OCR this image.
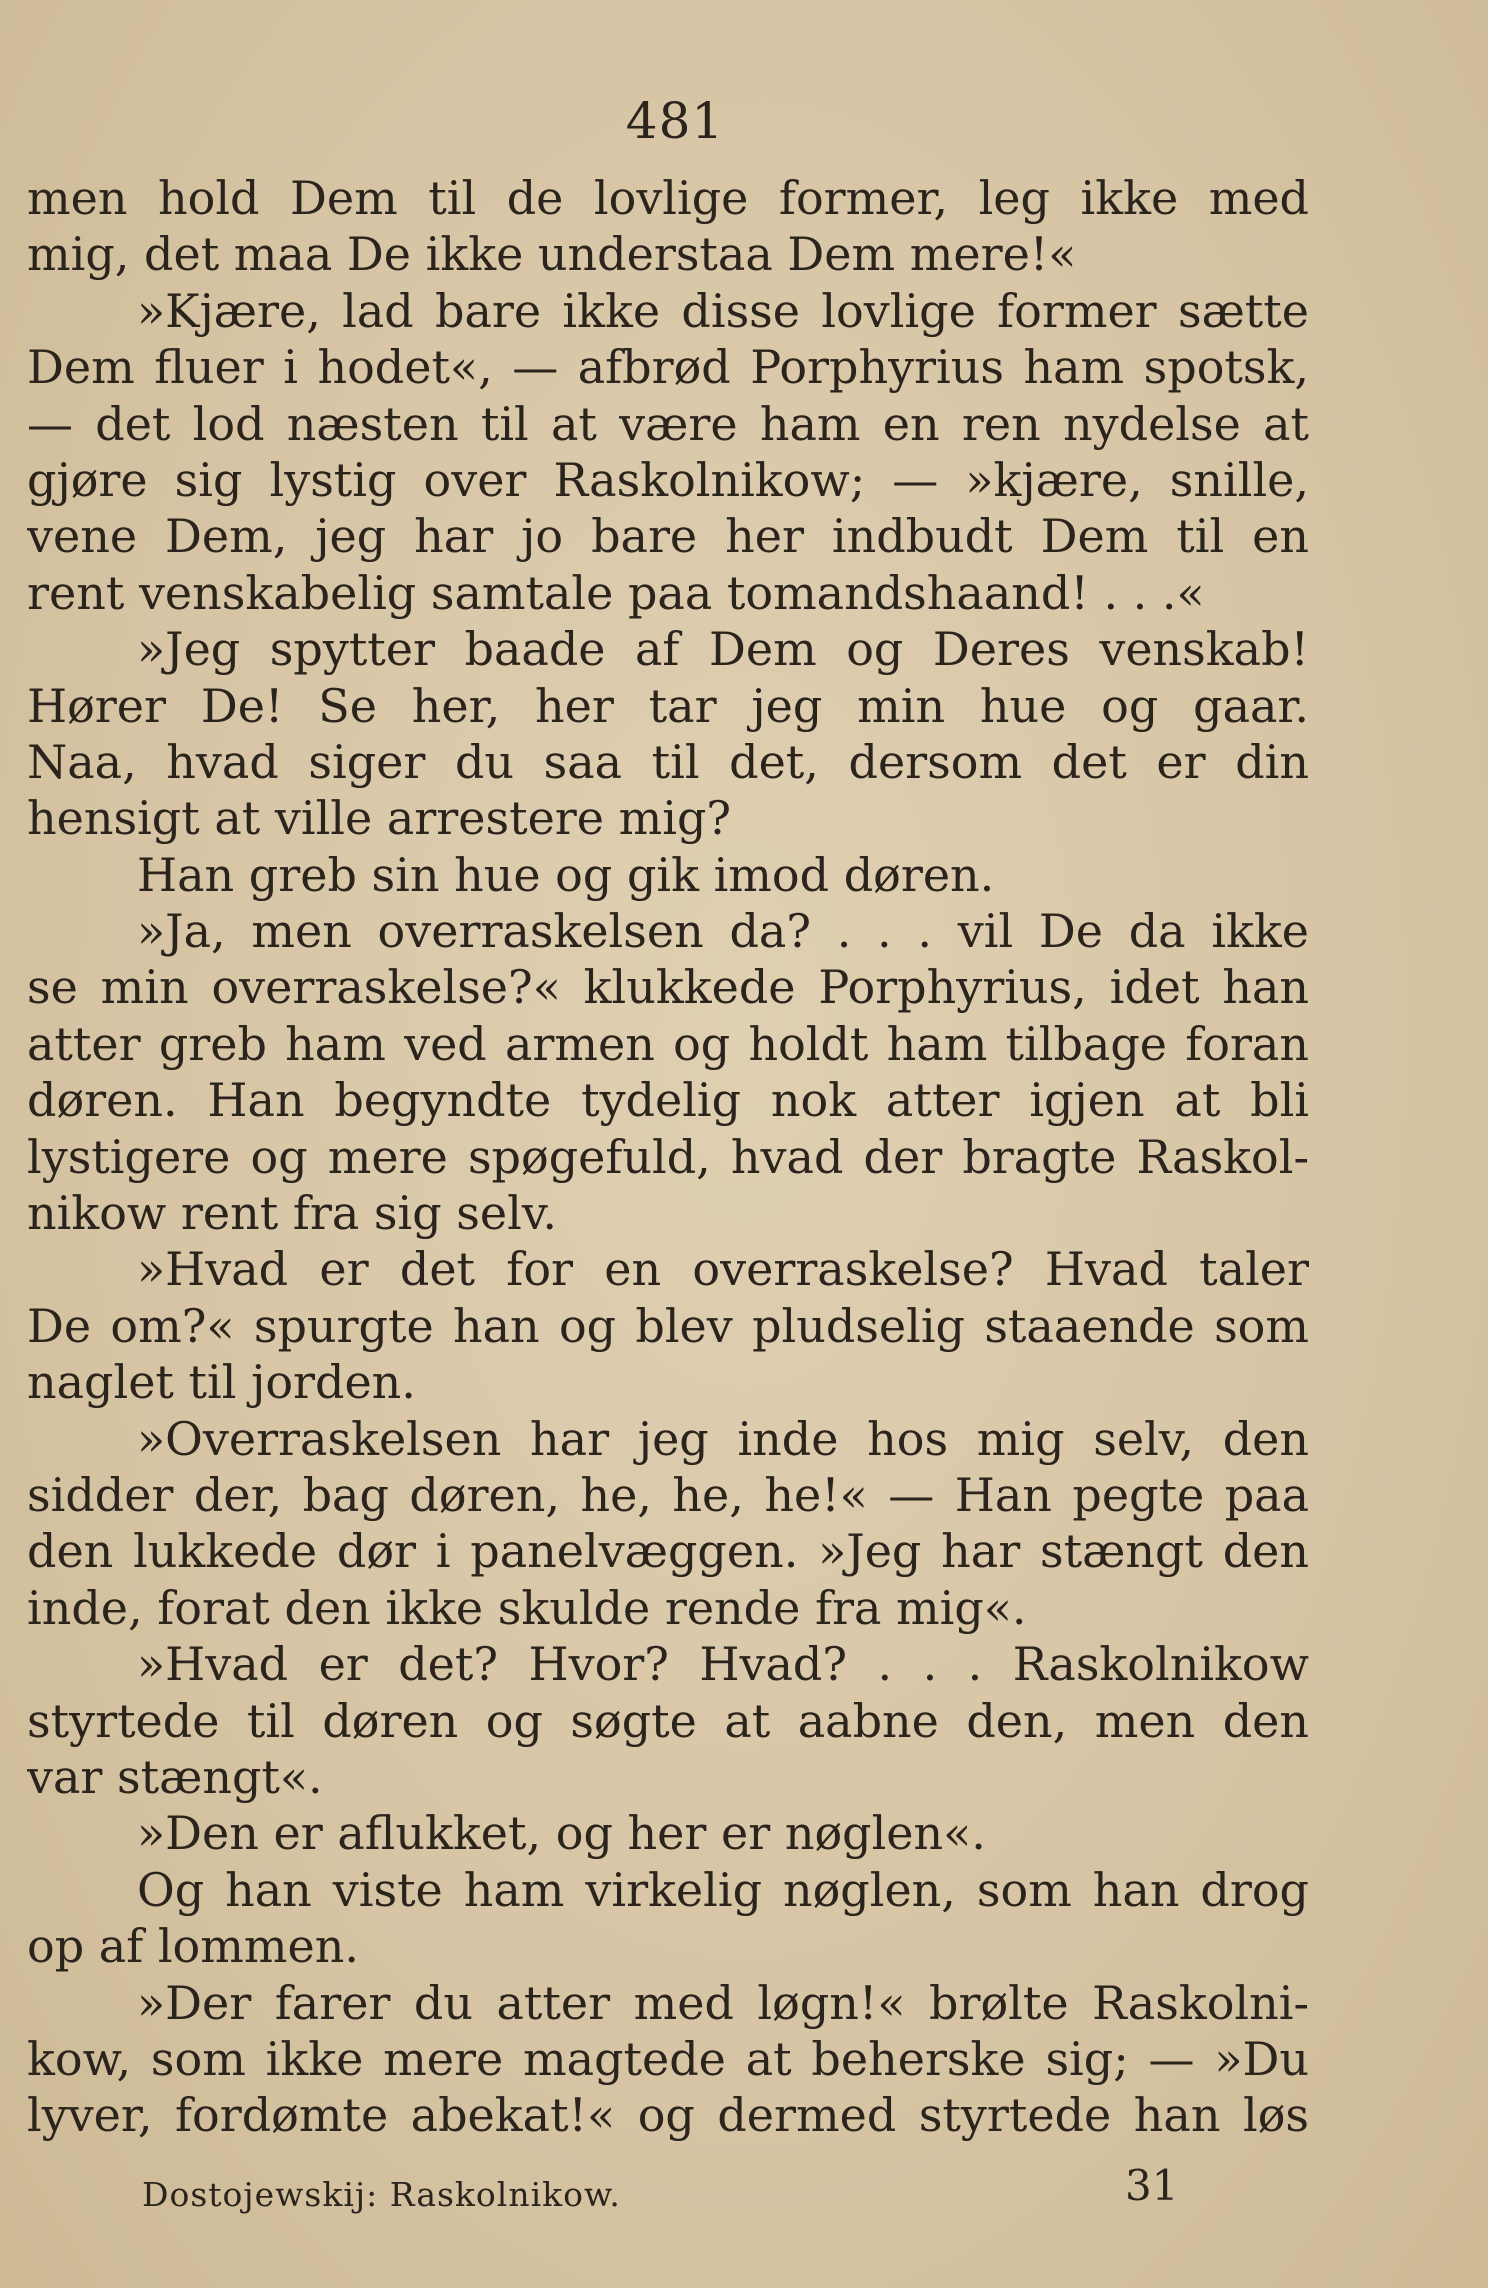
481
men hold Dem til de lovlige former, leg ikke med
mig, det maa De ikke understaa Dem mere!«
»Kjære, lad bare ikke disse lovlige former sætte
Dem fluer i hodet«, — afbrød Porphyrius ham spotsk,
— det lod næsten til at være ham en ren nydelse at
gjøre sig lystig over Raskolnikow; — »kjære, snille,
vene Dem, jeg har jo bare her indbudt Dem til en
rent venskabelig samtale paa tomandshaand! . . .«
»Jeg spytter baade af Dem og Deres venskab!
Hører De! Se her, her tar jeg min hue og gaar.
Naa, hvad siger du saa til det, dersom det er din
hensigt at ville arrestere mig?
Han greb sin hue og gik imod døren.
»Ja, men overraskelsen da? . . . vil De da ikke
se min overraskelse?« klukkede Porphyrius, idet han
atter greb ham ved armen og holdt ham tilbage foran
døren. Han begyndte tydelig nok atter igjen at bli
lystigere og mere spøgefuld, hvad der bragte Raskol-
nikow rent fra sig selv.
»Hvad er det for en overraskelse? Hvad taler
De om?« spurgte han og blev pludselig staaende som
naglet til jorden.
»Overraskelsen har jeg inde hos mig selv, den
sidder der, bag døren, he, he, he!« — Han pegte paa
den lukkede dør i panelvæggen. »Jeg har stængt den
inde, forat den ikke skulde rende fra mig«.
»Hvad er det? Hvor? Hvad? . . . Raskolnikow
styrtede til døren og søgte at aabne den, men den
var stængt«.
»Den er aflukket, og her er nøglen«.
Og han viste ham virkelig nøglen, som han drog
op af lommen.
»Der farer du atter med løgn!« brølte Raskolni-
kow, som ikke mere magtede at beherske sig; — »Du
lyver, fordømte abekat!« og dermed styrtede han løs
Dostojewskij: Raskolnikow.	31
